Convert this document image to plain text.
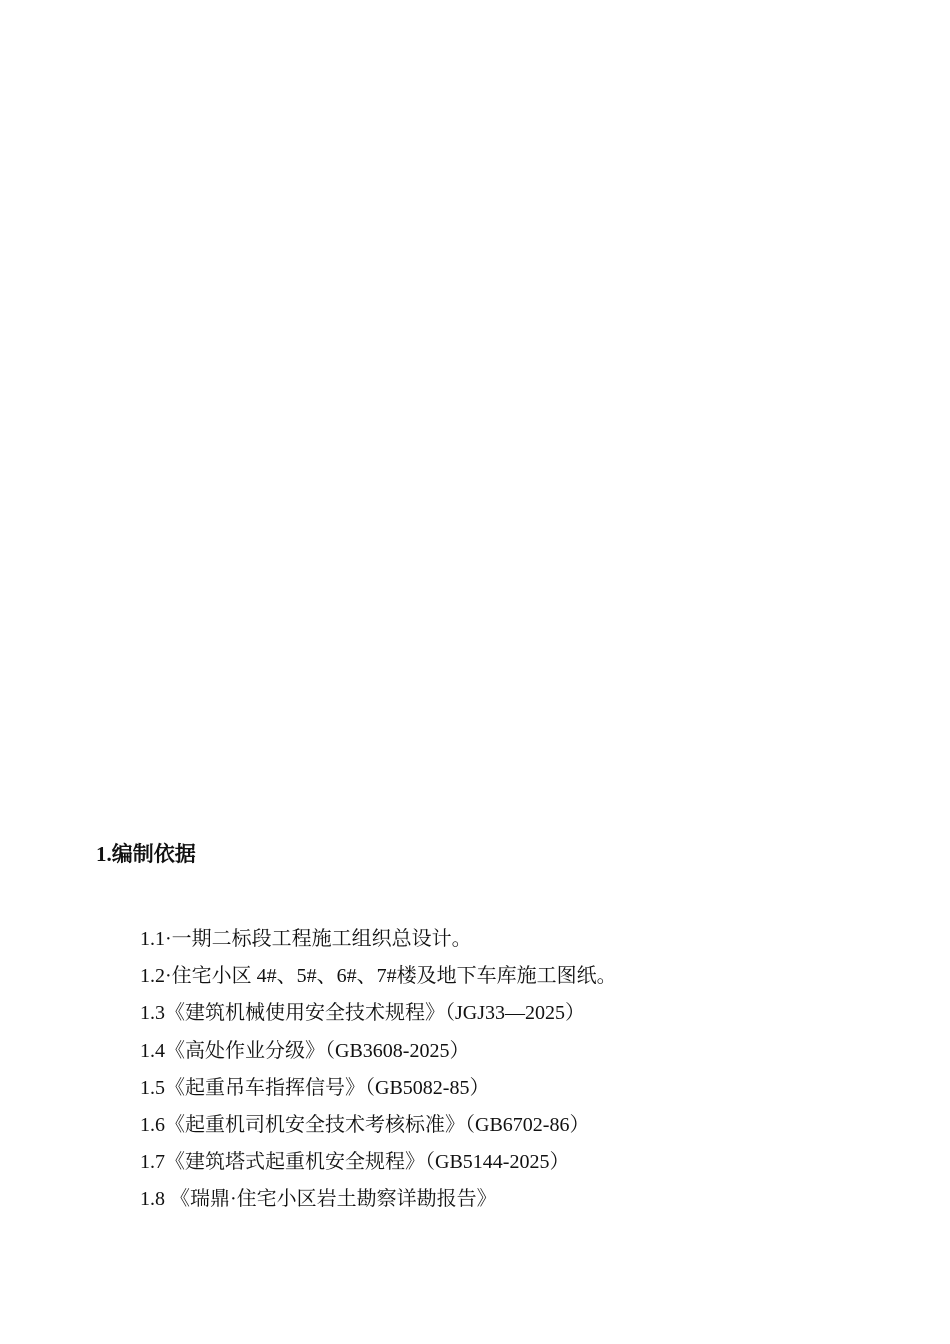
1.编制依据
1.1·一期二标段工程施工组织总设计。
1.2·住宅小区 4#、5#、6#、7#楼及地下车库施工图纸。
1.3《建筑机械使用安全技术规程》（JGJ33—2025）
1.4《高处作业分级》（GB3608-2025）
1.5《起重吊车指挥信号》（GB5082-85）
1.6《起重机司机安全技术考核标准》（GB6702-86）
1.7《建筑塔式起重机安全规程》（GB5144-2025）
1.8 《瑞鼎·住宅小区岩土勘察详勘报告》
